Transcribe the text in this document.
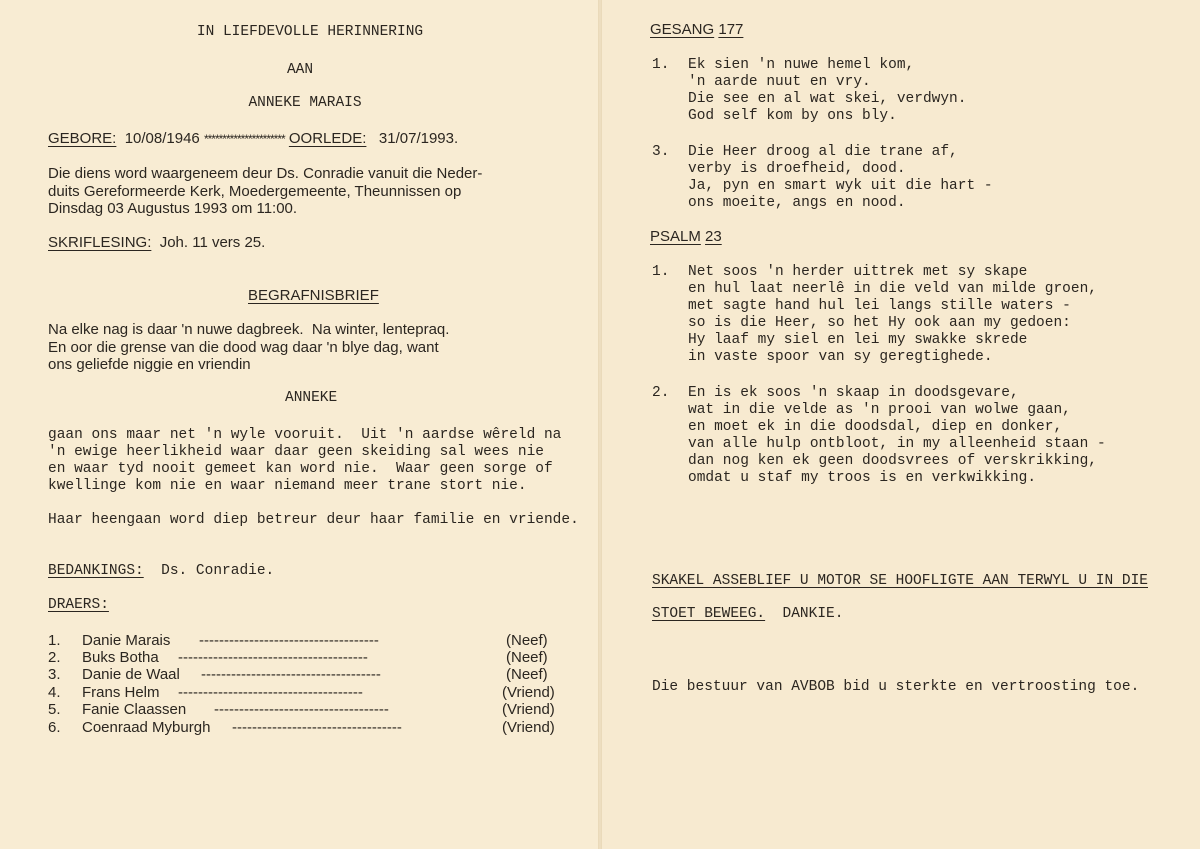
IN LIEFDEVOLLE HERINNERING
AAN
ANNEKE MARAIS
GEBORE: 10/08/1946 ********************** OORLEDE: 31/07/1993.
Die diens word waargeneem deur Ds. Conradie vanuit die Neder-
duits Gereformeerde Kerk, Moedergemeente, Theunnissen op
Dinsdag 03 Augustus 1993 om 11:00.
SKRIFLESING: Joh. 11 vers 25.
BEGRAFNISBRIEF
Na elke nag is daar 'n nuwe dagbreek.  Na winter, lentepraq.
En oor die grense van die dood wag daar 'n blye dag, want
ons geliefde niggie en vriendin
ANNEKE
gaan ons maar net 'n wyle vooruit.  Uit 'n aardse wêreld na
'n ewige heerlikheid waar daar geen skeiding sal wees nie
en waar tyd nooit gemeet kan word nie.  Waar geen sorge of
kwellinge kom nie en waar niemand meer trane stort nie.
Haar heengaan word diep betreur deur haar familie en vriende.
BEDANKINGS: Ds. Conradie.
DRAERS:
1. Danie Marais ------------------------------------	(Neef)
2. Buks Botha --------------------------------------	(Neef)
3. Danie de Waal ------------------------------------	(Neef)
4. Frans Helm -------------------------------------	(Vriend)
5. Fanie Claassen -----------------------------------	(Vriend)
6. Coenraad Myburgh ----------------------------------	(Vriend)
GESANG 177
1. Ek sien 'n nuwe hemel kom,
'n aarde nuut en vry.
Die see en al wat skei, verdwyn.
God self kom by ons bly.
3. Die Heer droog al die trane af,
verby is droefheid, dood.
Ja, pyn en smart wyk uit die hart -
ons moeite, angs en nood.
PSALM 23
1. Net soos 'n herder uittrek met sy skape
en hul laat neerlê in die veld van milde groen,
met sagte hand hul lei langs stille waters -
so is die Heer, so het Hy ook aan my gedoen:
Hy laaf my siel en lei my swakke skrede
in vaste spoor van sy geregtighede.
2. En is ek soos 'n skaap in doodsgevare,
wat in die velde as 'n prooi van wolwe gaan,
en moet ek in die doodsdal, diep en donker,
van alle hulp ontbloot, in my alleenheid staan -
dan nog ken ek geen doodsvrees of verskrikking,
omdat u staf my troos is en verkwikking.
SKAKEL ASSEBLIEF U MOTOR SE HOOFLIGTE AAN TERWYL U IN DIE
STOET BEWEEG. DANKIE.
Die bestuur van AVBOB bid u sterkte en vertroosting toe.
